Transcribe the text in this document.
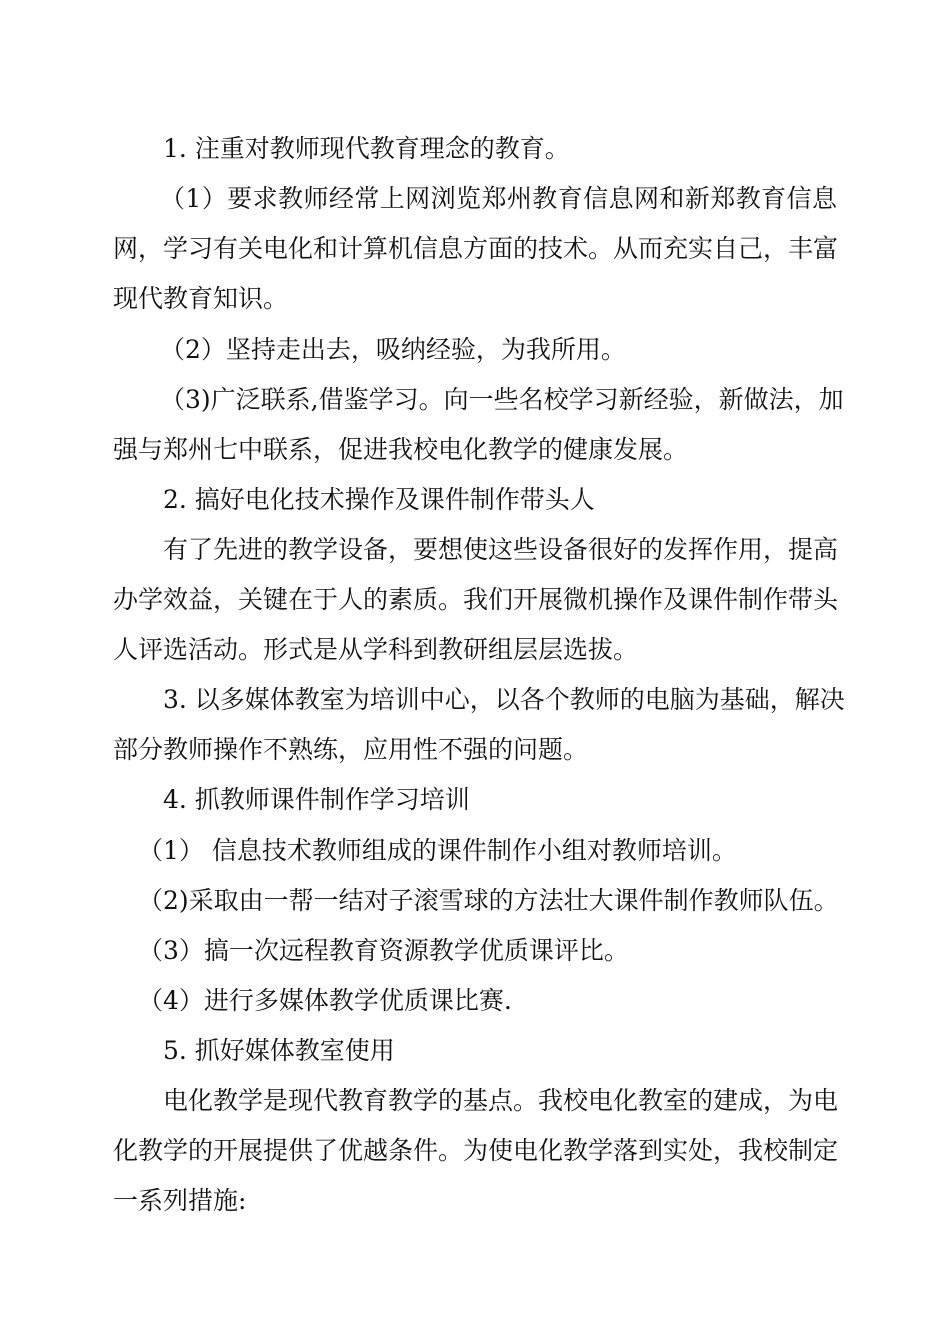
1. 注重对教师现代教育理念的教育。
（1）要求教师经常上网浏览郑州教育信息网和新郑教育信息
网，学习有关电化和计算机信息方面的技术。从而充实自己，丰富
现代教育知识。
（2）坚持走出去，吸纳经验，为我所用。
（3)广泛联系,借鉴学习。向一些名校学习新经验，新做法，加
强与郑州七中联系，促进我校电化教学的健康发展。
2. 搞好电化技术操作及课件制作带头人
有了先进的教学设备，要想使这些设备很好的发挥作用，提高
办学效益，关键在于人的素质。我们开展微机操作及课件制作带头
人评选活动。形式是从学科到教研组层层选拔。
3. 以多媒体教室为培训中心，以各个教师的电脑为基础，解决
部分教师操作不熟练，应用性不强的问题。
4. 抓教师课件制作学习培训
（1） 信息技术教师组成的课件制作小组对教师培训。
（2)采取由一帮一结对子滚雪球的方法壮大课件制作教师队伍。
（3）搞一次远程教育资源教学优质课评比。
（4）进行多媒体教学优质课比赛.
5. 抓好媒体教室使用
电化教学是现代教育教学的基点。我校电化教室的建成，为电
化教学的开展提供了优越条件。为使电化教学落到实处，我校制定
一系列措施:
